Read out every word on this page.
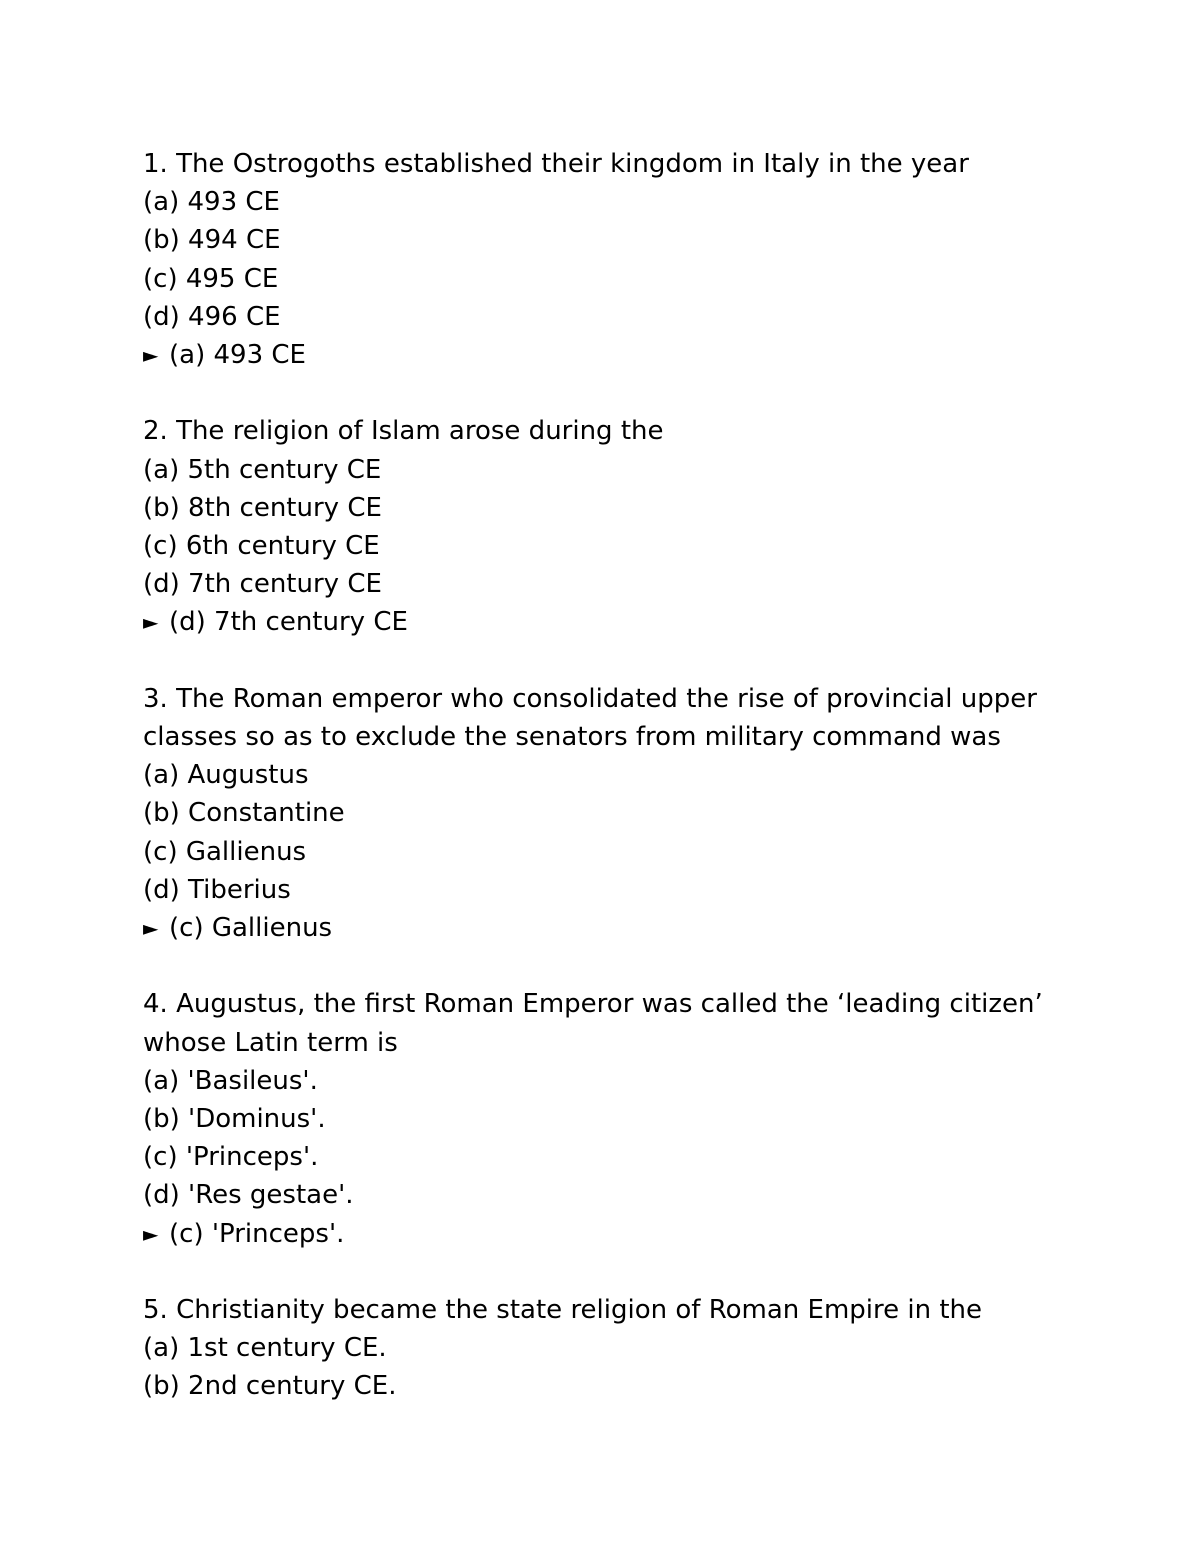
1. The Ostrogoths established their kingdom in Italy in the year
(a) 493 CE
(b) 494 CE
(c) 495 CE
(d) 496 CE
► (a) 493 CE
2. The religion of Islam arose during the
(a) 5th century CE
(b) 8th century CE
(c) 6th century CE
(d) 7th century CE
► (d) 7th century CE
3. The Roman emperor who consolidated the rise of provincial upper
classes so as to exclude the senators from military command was
(a) Augustus
(b) Constantine
(c) Gallienus
(d) Tiberius
► (c) Gallienus
4. Augustus, the first Roman Emperor was called the ‘leading citizen’
whose Latin term is
(a) 'Basileus'.
(b) 'Dominus'.
(c) 'Princeps'.
(d) 'Res gestae'.
► (c) 'Princeps'.
5. Christianity became the state religion of Roman Empire in the
(a) 1st century CE.
(b) 2nd century CE.
